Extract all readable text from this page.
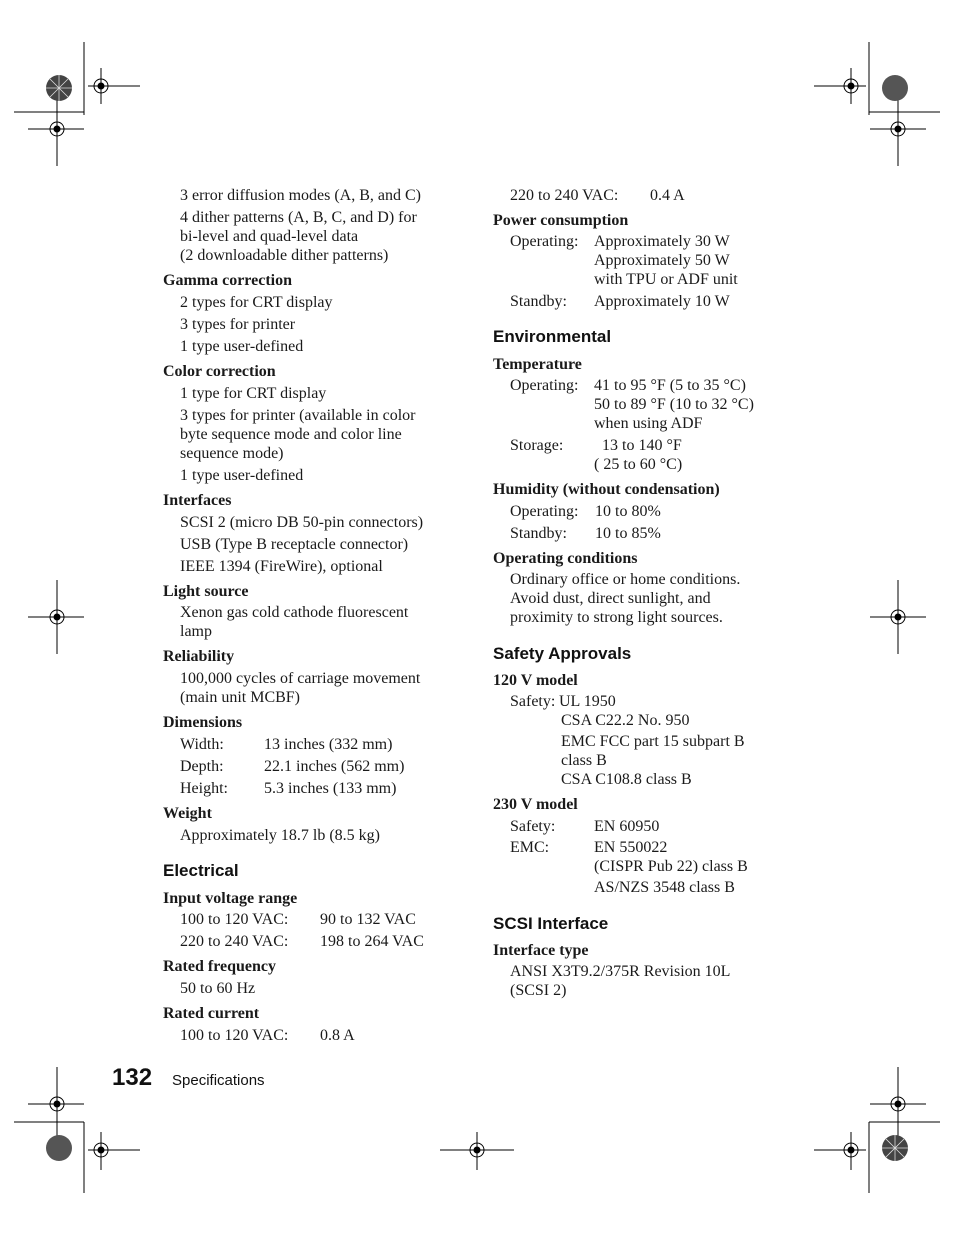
3 error diffusion modes (A, B, and C)
4 dither patterns (A, B, C, and D) for
bi-level and quad-level data
(2 downloadable dither patterns)
Gamma correction
2 types for CRT display
3 types for printer
1 type user-defined
Color correction
1 type for CRT display
3 types for printer (available in color
byte sequence mode and color line
sequence mode)
1 type user-defined
Interfaces
SCSI 2 (micro DB 50-pin connectors)
USB (Type B receptacle connector)
IEEE 1394 (FireWire), optional
Light source
Xenon gas cold cathode fluorescent
lamp
Reliability
100,000 cycles of carriage movement
(main unit MCBF)
Dimensions
Width:	13 inches (332 mm)
Depth:	22.1 inches (562 mm)
Height:	5.3 inches (133 mm)
Weight
Approximately 18.7 lb (8.5 kg)
Electrical
Input voltage range
100 to 120 VAC:	90 to 132 VAC
220 to 240 VAC:	198 to 264 VAC
Rated frequency
50 to 60 Hz
Rated current
100 to 120 VAC:	0.8 A
220 to 240 VAC:	0.4 A
Power consumption
Operating: Approximately 30 W
Approximately 50 W
with TPU or ADF unit
Standby:	Approximately 10 W
Environmental
Temperature
Operating: 41 to 95 °F (5 to 35 °C)
50 to 89 °F (10 to 32 °C)
when using ADF
Storage:	13 to 140 °F
( 25 to 60 °C)
Humidity (without condensation)
Operating:	10 to 80%
Standby:	10 to 85%
Operating conditions
Ordinary office or home conditions.
Avoid dust, direct sunlight, and
proximity to strong light sources.
Safety Approvals
120 V model
Safety: UL 1950
CSA C22.2 No. 950
EMC FCC part 15 subpart B
class B
CSA C108.8 class B
230 V model
Safety:	EN 60950
EMC:	EN 550022
(CISPR Pub 22) class B
AS/NZS 3548 class B
SCSI Interface
Interface type
ANSI X3T9.2/375R Revision 10L
(SCSI 2)
132 Specifications
